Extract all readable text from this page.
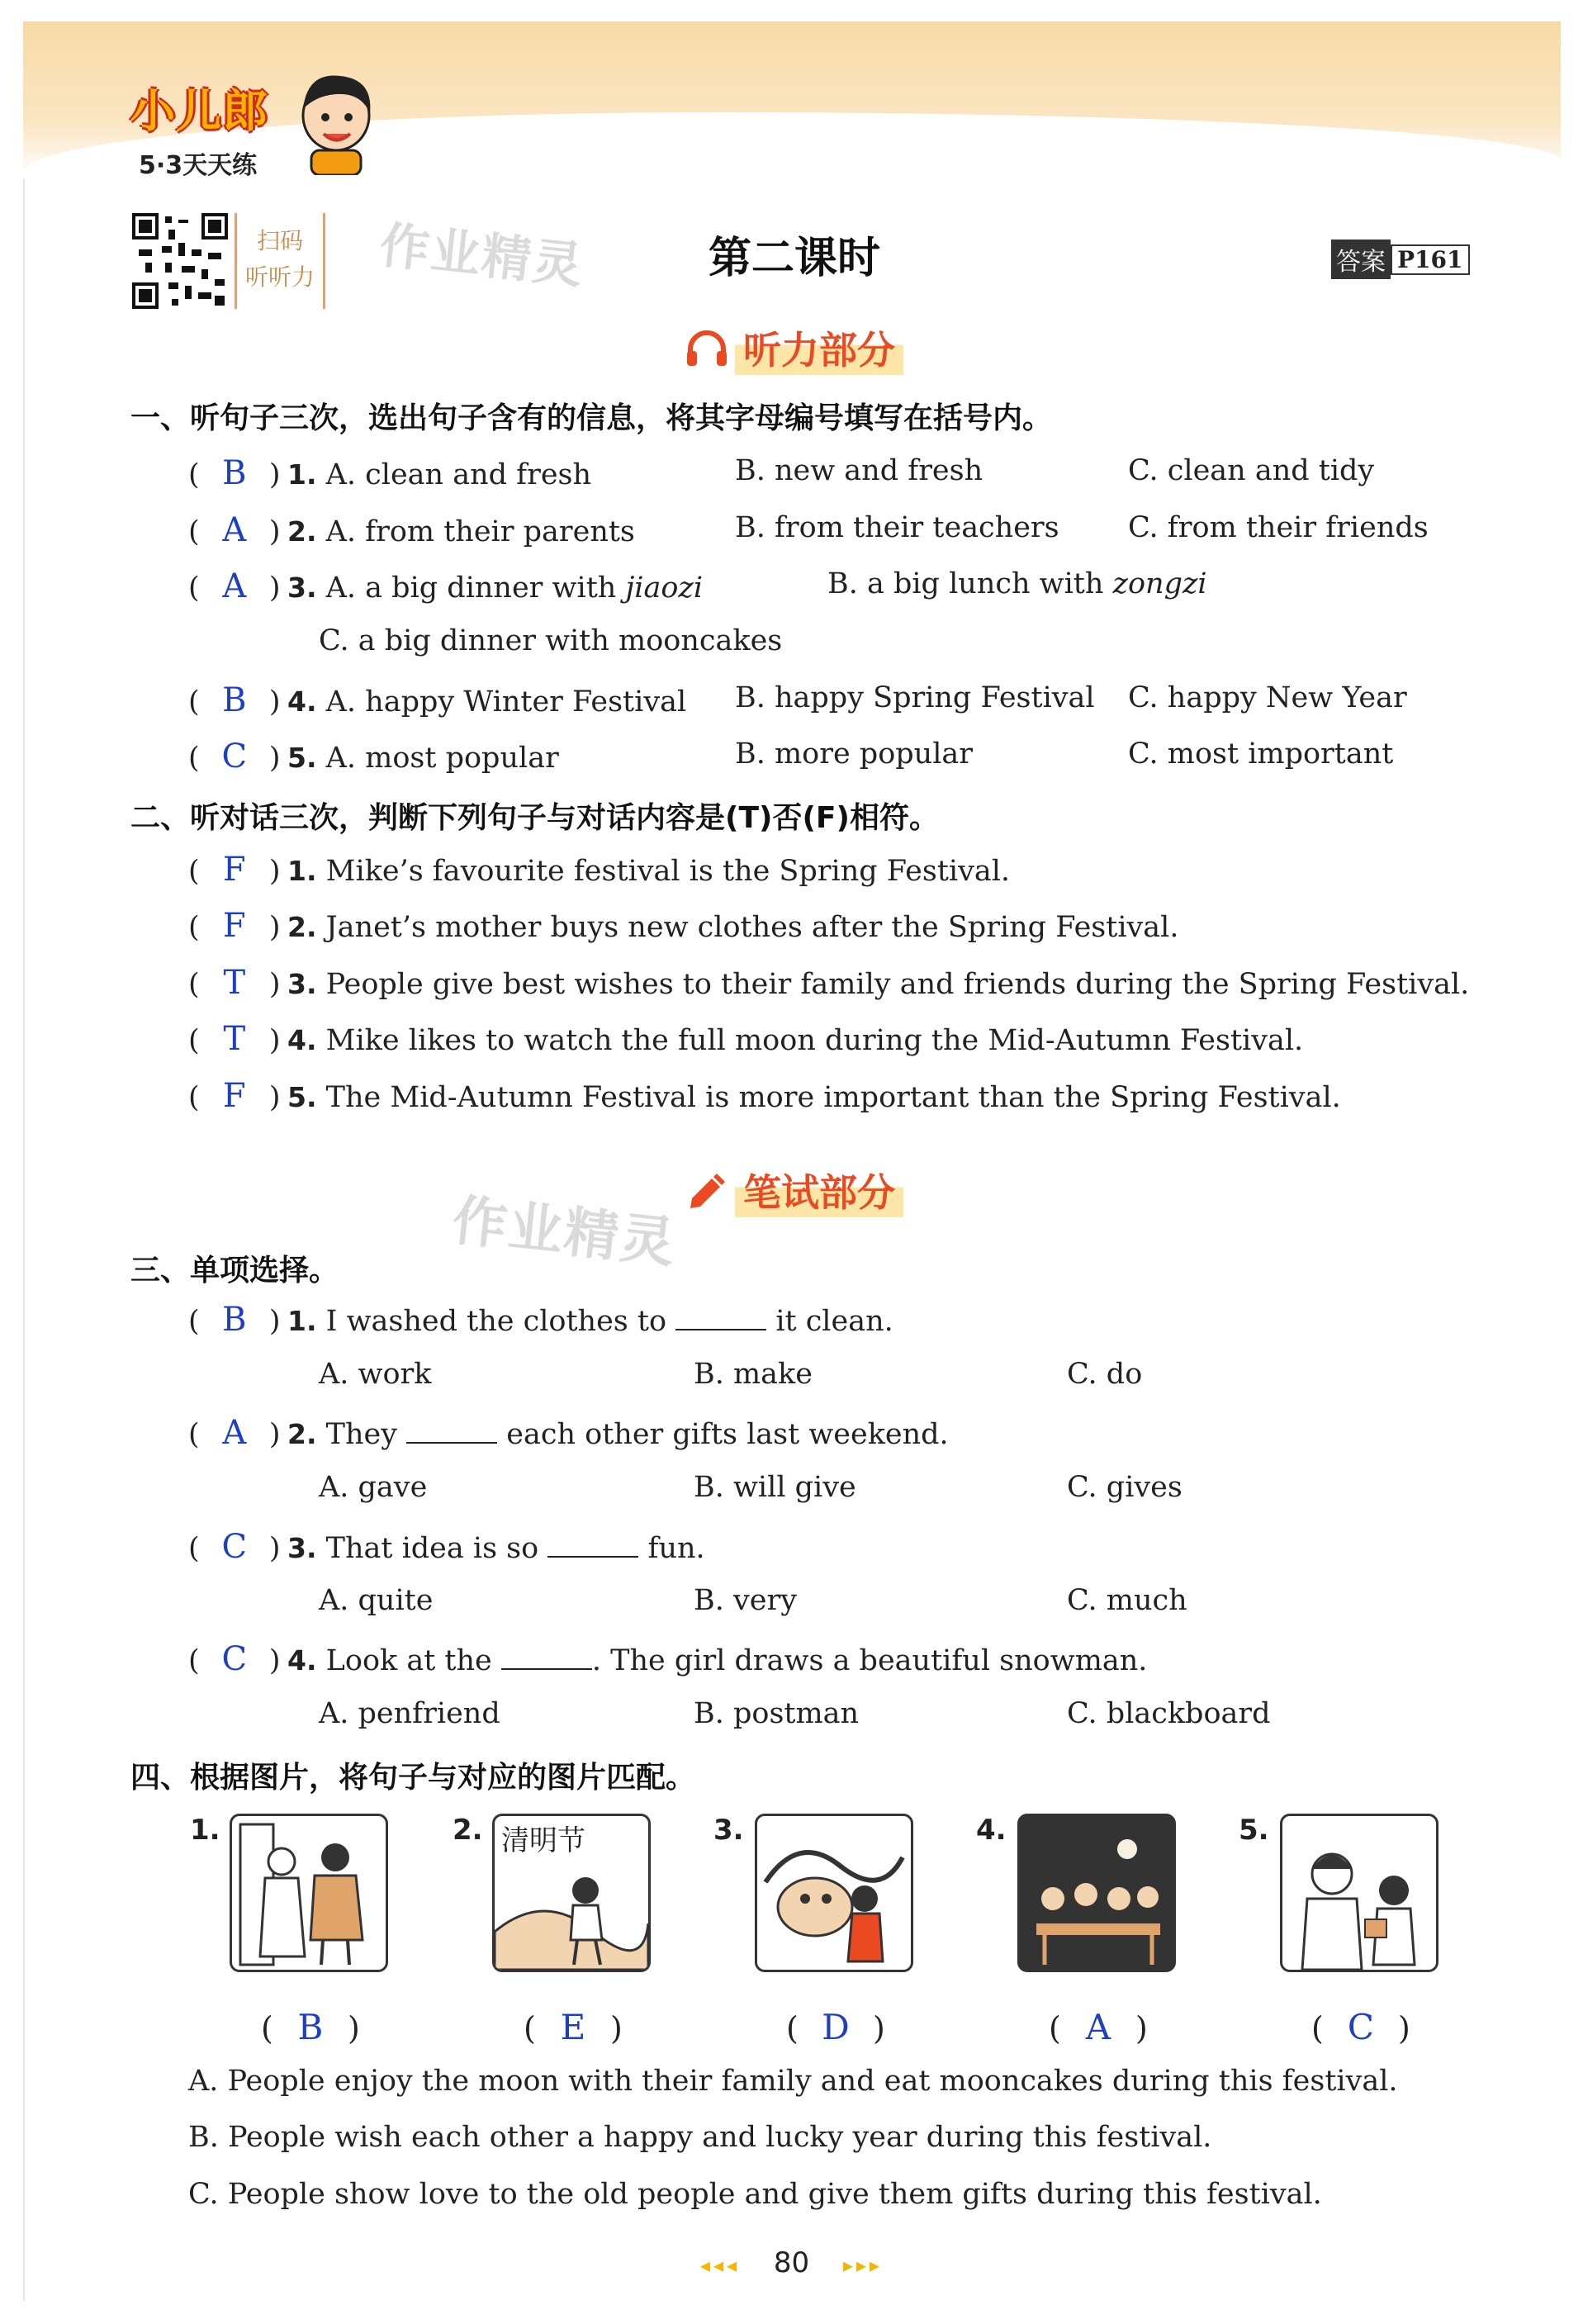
小儿郎
5·3天天练
扫码
听听力 作业精灵	第二课时	答案 P161
听力部分
一、听句子三次，选出句子含有的信息，将其字母编号填写在括号内。
( B ) 1. A. clean and fresh	B. new and fresh	C. clean and tidy
( A ) 2. A. from their parents	B. from their teachers C. from their friends
( A ) 3. A. a big dinner with jiaozi	B. a big lunch with zongzi
C. a big dinner with mooncakes
( B ) 4. A. happy Winter Festival B. happy Spring Festival C. happy New Year
( C ) 5. A. most popular	B. more popular	C. most important
二、听对话三次，判断下列句子与对话内容是(T)否(F)相符。
( F ) 1. Mike’s favourite festival is the Spring Festival.
( F ) 2. Janet’s mother buys new clothes after the Spring Festival.
( T ) 3. People give best wishes to their family and friends during the Spring Festival.
( T ) 4. Mike likes to watch the full moon during the Mid-Autumn Festival.
( F ) 5. The Mid-Autumn Festival is more important than the Spring Festival.
作业精灵 笔试部分
三、单项选择。
( B ) 1. I washed the clothes to	it clean.
A. work	B. make	C. do
( A ) 2. They	each other gifts last weekend.
A. gave	B. will give	C. gives
( C ) 3. That idea is so	fun.
A. quite	B. very	C. much
( C ) 4. Look at the	. The girl draws a beautiful snowman.
A. penfriend	B. postman	C. blackboard
四、根据图片，将句子与对应的图片匹配。
1.
( B )
2. 清明节
( E )
3.
( D )
4.
( A )
5.
( C )
A. People enjoy the moon with their family and eat mooncakes during this festival.
B. People wish each other a happy and lucky year during this festival.
C. People show love to the old people and give them gifts during this festival.
◂◂◂ 80 ▸▸▸
